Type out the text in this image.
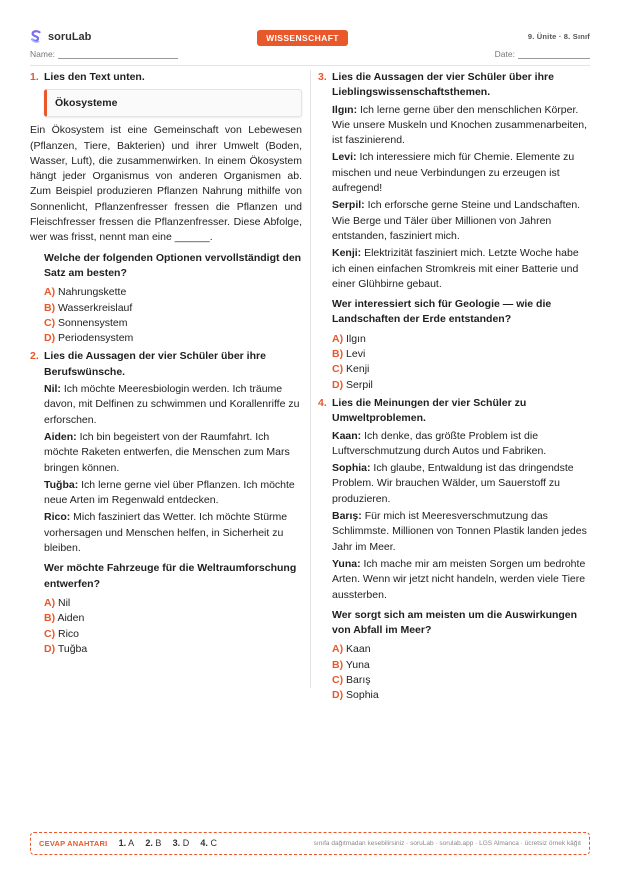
soruLab	WISSENSCHAFT	9. Ünite · 8. Sınıf
Name:	Date:
1. Lies den Text unten.
Ökosysteme
Ein Ökosystem ist eine Gemeinschaft von Lebewesen (Pflanzen, Tiere, Bakterien) und ihrer Umwelt (Boden, Wasser, Luft), die zusammenwirken. In einem Ökosystem hängt jeder Organismus von anderen Organismen ab. Zum Beispiel produzieren Pflanzen Nahrung mithilfe von Sonnenlicht, Pflanzenfresser fressen die Pflanzen und Fleischfresser fressen die Pflanzenfresser. Diese Abfolge, wer was frisst, nennt man eine ______.
Welche der folgenden Optionen vervollständigt den Satz am besten?
A) Nahrungskette
B) Wasserkreislauf
C) Sonnensystem
D) Periodensystem
2. Lies die Aussagen der vier Schüler über ihre Berufswünsche.
Nil: Ich möchte Meeresbiologin werden. Ich träume davon, mit Delfinen zu schwimmen und Korallenriffe zu erforschen.
Aiden: Ich bin begeistert von der Raumfahrt. Ich möchte Raketen entwerfen, die Menschen zum Mars bringen können.
Tuğba: Ich lerne gerne viel über Pflanzen. Ich möchte neue Arten im Regenwald entdecken.
Rico: Mich fasziniert das Wetter. Ich möchte Stürme vorhersagen und Menschen helfen, in Sicherheit zu bleiben.
Wer möchte Fahrzeuge für die Weltraumforschung entwerfen?
A) Nil
B) Aiden
C) Rico
D) Tuğba
3. Lies die Aussagen der vier Schüler über ihre Lieblingswissenschaftsthemen.
Ilgın: Ich lerne gerne über den menschlichen Körper. Wie unsere Muskeln und Knochen zusammenarbeiten, ist faszinierend.
Levi: Ich interessiere mich für Chemie. Elemente zu mischen und neue Verbindungen zu erzeugen ist aufregend!
Serpil: Ich erforsche gerne Steine und Landschaften. Wie Berge und Täler über Millionen von Jahren entstanden, fasziniert mich.
Kenji: Elektrizität fasziniert mich. Letzte Woche habe ich einen einfachen Stromkreis mit einer Batterie und einer Glühbirne gebaut.
Wer interessiert sich für Geologie — wie die Landschaften der Erde entstanden?
A) Ilgın
B) Levi
C) Kenji
D) Serpil
4. Lies die Meinungen der vier Schüler zu Umweltproblemen.
Kaan: Ich denke, das größte Problem ist die Luftverschmutzung durch Autos und Fabriken.
Sophia: Ich glaube, Entwaldung ist das dringendste Problem. Wir brauchen Wälder, um Sauerstoff zu produzieren.
Barış: Für mich ist Meeresverschmutzung das Schlimmste. Millionen von Tonnen Plastik landen jedes Jahr im Meer.
Yuna: Ich mache mir am meisten Sorgen um bedrohte Arten. Wenn wir jetzt nicht handeln, werden viele Tiere aussterben.
Wer sorgt sich am meisten um die Auswirkungen von Abfall im Meer?
A) Kaan
B) Yuna
C) Barış
D) Sophia
CEVAP ANAHTARI 1. A 2. B 3. D 4. C	sınıfa dağıtmadan kesebilirsiniz · soruLab · sorulab.app · LGS Almanca · ücretsiz örnek kâğıt
